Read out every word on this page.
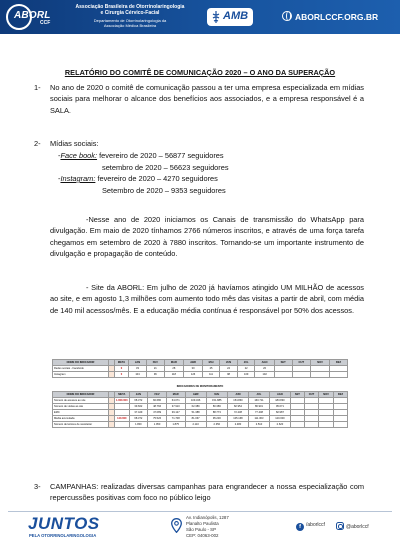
ABORL
CCF
Associação Brasileira de Otorrinolaringologia
e Cirurgia Cérvico-Facial
Departamento de Otorrinolaringologia da
Associação Médica Brasileira
AMB	ABORLCCF.ORG.BR
RELATÓRIO DO COMITÊ DE COMUNICAÇÃO 2020 – O ANO DA SUPERAÇÃO
1- No ano de 2020 o comitê de comunicação passou a ter uma empresa especializada em mídias sociais para melhorar o alcance dos benefícios aos associados, e a empresa responsável é a SALA.
2- Mídias sociais:
-Face book: fevereiro de 2020 – 56877 seguidores
setembro de 2020 – 56623 seguidores
-Instagram: fevereiro de 2020 – 4270 seguidores
Setembro de 2020 – 9353 seguidores
-Nesse ano de 2020 iniciamos os Canais de transmissão do WhatsApp para divulgação. Em maio de 2020 tínhamos 2766 números inscritos, e através de uma força tarefa chegamos em setembro de 2020 à 7880 inscritos. Tornando-se um importante instrumento de divulgação e propagação de conteúdo.
- Site da ABORL: Em julho de 2020 já havíamos atingido UM MILHÃO de acessos ao site, e em agosto 1,3 milhões com aumento todo mês das visitas a partir de abril, com média de 140 mil acessos/mês. E a educação média contínua é responsável por 50% dos acessos.
NOME DO INDICADOR		META	JAN	FEV	MAR	ABR	MAI	JUN	JUL	AGO	SET	OUT	NOV	DEZ
Redes sociais - Facebook		0	33	21	28	30	25	24	22	20				
Instagram		0	104	96	118	126	111	98	109	102				
INDICADORES DE MONITORAMENTO
NOME DO INDICADOR		META	JAN	FEV	MAR	ABR	MAI	JUN	JUL	AGO	SET	OUT	NOV	DEZ
Número de acessos ao site		1.000.000	68.372	82.680	64.071	109.346	151.885	154.860	160.711	183.830				
Número de visitas ao site			39.662	48.766	37.910	62.389	80.386	82.954	86.901	95.671				
EMC			37.429	47.089	39.127	51.388	88.773	72.238	77.408	82.987				
Média acumulada		140.000	68.372	75.526	71.708	81.067	95.230	105.168	111.363	120.000				
Número de leitores de newsletter			1.800	1.950	1.875	2.110	2.350	2.480	2.510	2.620				
3- CAMPANHAS: realizadas diversas campanhas para engrandecer a nossa especialização com repercussões positivas com foco no público leigo
JUNTOS
PELA OTORRINOLARINGOLOGIA
Av. Indianópolis, 1287
Planalto Paulista
São Paulo - SP
CEP: 04063-002
f /aborlccf	@aborlccf
